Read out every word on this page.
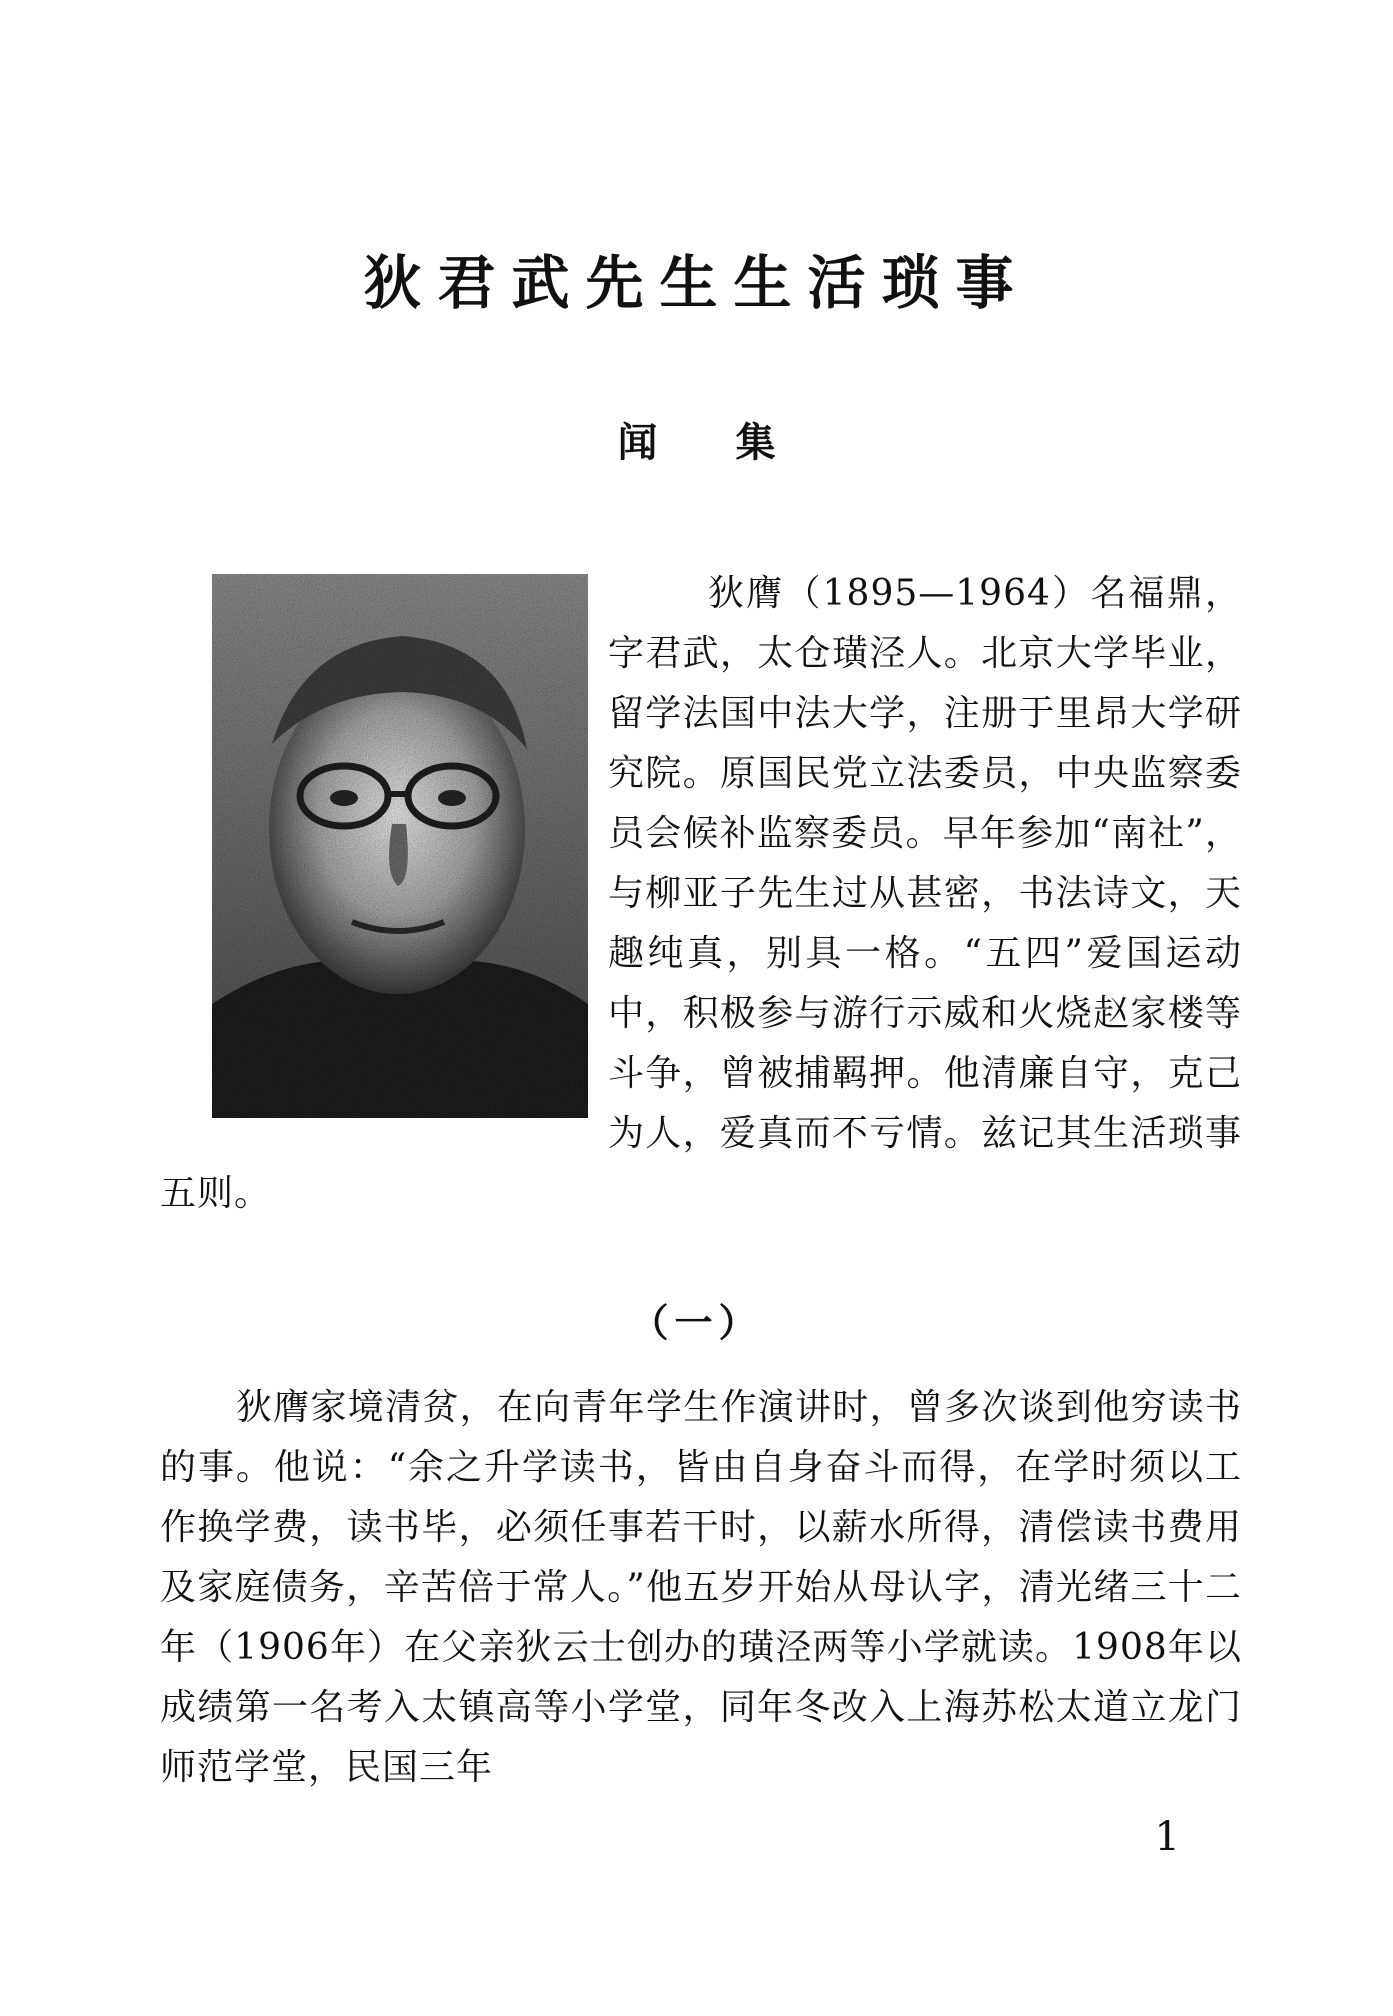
狄君武先生生活琐事
闻集

狄膺（1895—1964）名福鼎，字君武，太仓璜泾人。北京大学毕业，留学法国中法大学，注册于里昂大学研究院。原国民党立法委员，中央监察委员会候补监察委员。早年参加“南社”，与柳亚子先生过从甚密，书法诗文，天趣纯真，别具一格。“五四”爱国运动中，积极参与游行示威和火烧赵家楼等斗争，曾被捕羁押。他清廉自守，克己为人，爱真而不亏情。兹记其生活琐事五则。

（一）

狄膺家境清贫，在向青年学生作演讲时，曾多次谈到他穷读书的事。他说：“余之升学读书，皆由自身奋斗而得，在学时须以工作换学费，读书毕，必须任事若干时，以薪水所得，清偿读书费用及家庭债务，辛苦倍于常人。”他五岁开始从母认字，清光绪三十二年（1906年）在父亲狄云士创办的璜泾两等小学就读。1908年以成绩第一名考入太镇高等小学堂，同年冬改入上海苏松太道立龙门师范学堂，民国三年

1
